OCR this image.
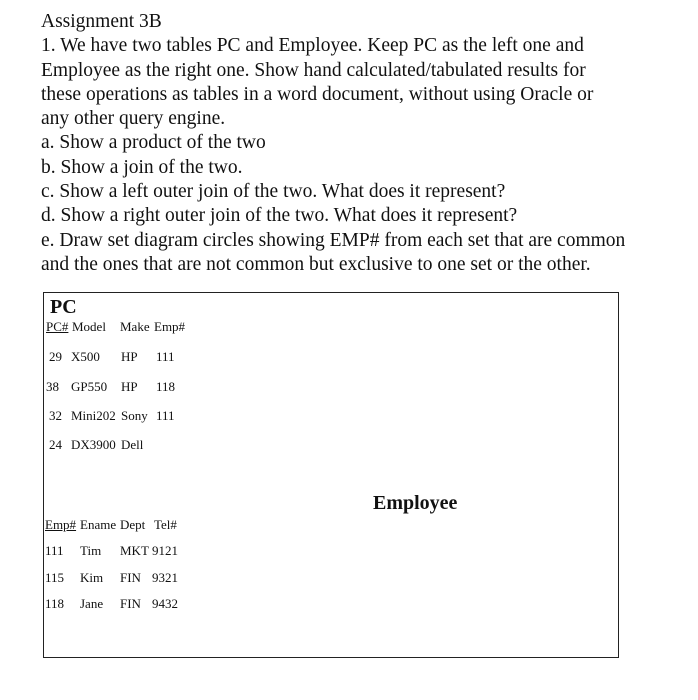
Assignment 3B
1. We have two tables PC and Employee. Keep PC as the left one and
Employee as the right one. Show hand calculated/tabulated results for
these operations as tables in a word document, without using Oracle or
any other query engine.
a. Show a product of the two
b. Show a join of the two.
c. Show a left outer join of the two. What does it represent?
d. Show a right outer join of the two. What does it represent?
e. Draw set diagram circles showing EMP# from each set that are common
and the ones that are not common but exclusive to one set or the other.
PC
PC# Model Make Emp#
29 X500 HP 111
38 GP550 HP 118
32 Mini202 Sony 111
24 DX3900 Dell
Employee
Emp# Ename Dept Tel#
111 Tim MKT 9121
115 Kim FIN 9321
118 Jane FIN 9432
